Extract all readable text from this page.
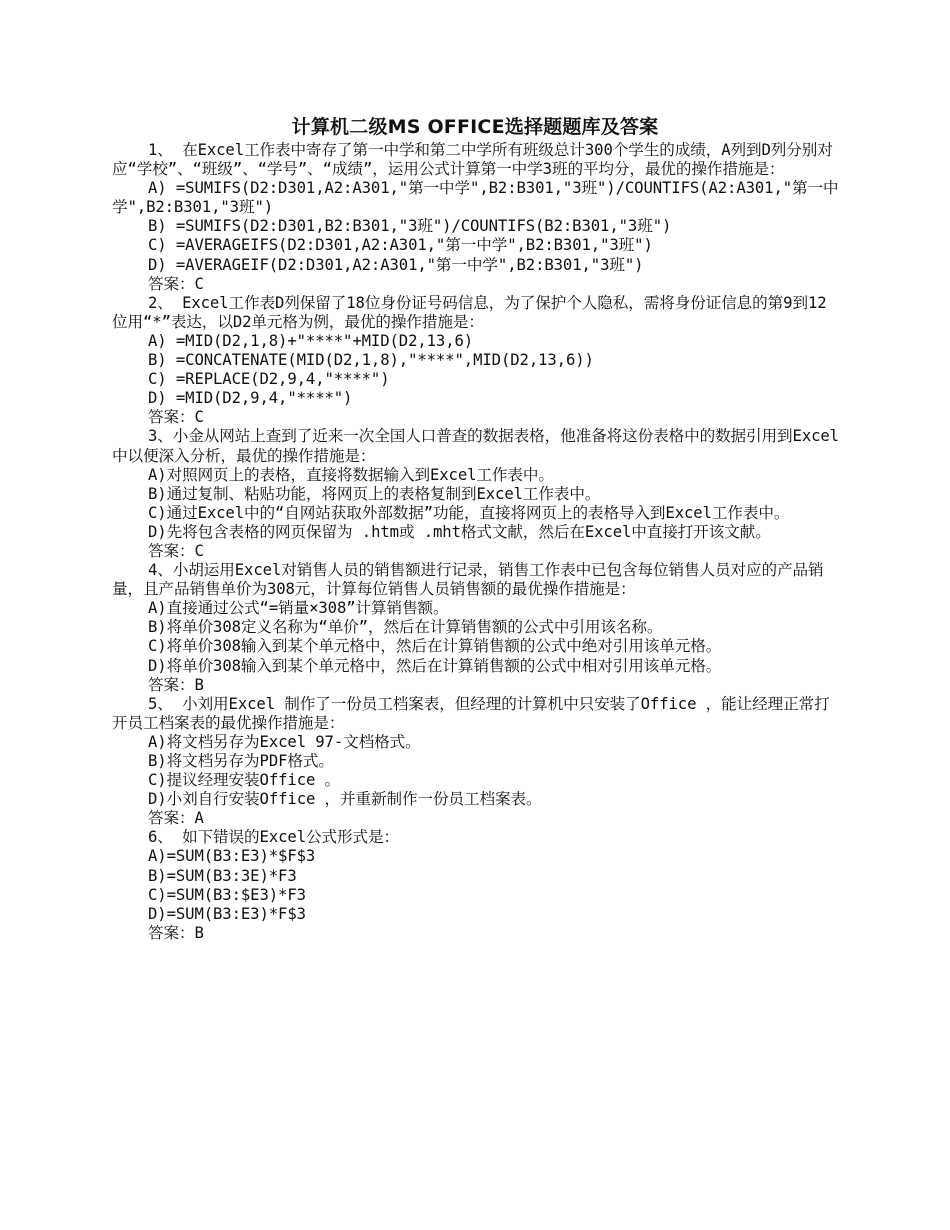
计算机二级MS OFFICE选择题题库及答案

1、 在Excel工作表中寄存了第一中学和第二中学所有班级总计300个学生的成绩，A列到D列分别对应“学校”、“班级”、“学号”、“成绩”，运用公式计算第一中学3班的平均分，最优的操作措施是：

A) =SUMIFS(D2:D301,A2:A301,"第一中学",B2:B301,"3班")/COUNTIFS(A2:A301,"第一中学",B2:B301,"3班")

B) =SUMIFS(D2:D301,B2:B301,"3班")/COUNTIFS(B2:B301,"3班")

C) =AVERAGEIFS(D2:D301,A2:A301,"第一中学",B2:B301,"3班")

D) =AVERAGEIF(D2:D301,A2:A301,"第一中学",B2:B301,"3班")

答案：C

2、 Excel工作表D列保留了18位身份证号码信息，为了保护个人隐私，需将身份证信息的第9到12位用“*”表达，以D2单元格为例，最优的操作措施是：

A) =MID(D2,1,8)+"****"+MID(D2,13,6)

B) =CONCATENATE(MID(D2,1,8),"****",MID(D2,13,6))

C) =REPLACE(D2,9,4,"****")

D) =MID(D2,9,4,"****")

答案：C

3、小金从网站上查到了近来一次全国人口普查的数据表格，他准备将这份表格中的数据引用到Excel中以便深入分析，最优的操作措施是：

A)对照网页上的表格，直接将数据输入到Excel工作表中。

B)通过复制、粘贴功能，将网页上的表格复制到Excel工作表中。

C)通过Excel中的“自网站获取外部数据”功能，直接将网页上的表格导入到Excel工作表中。

D)先将包含表格的网页保留为 .htm或 .mht格式文献，然后在Excel中直接打开该文献。

答案：C

4、小胡运用Excel对销售人员的销售额进行记录，销售工作表中已包含每位销售人员对应的产品销量，且产品销售单价为308元，计算每位销售人员销售额的最优操作措施是：

A)直接通过公式“=销量×308”计算销售额。

B)将单价308定义名称为“单价”，然后在计算销售额的公式中引用该名称。

C)将单价308输入到某个单元格中，然后在计算销售额的公式中绝对引用该单元格。

D)将单价308输入到某个单元格中，然后在计算销售额的公式中相对引用该单元格。

答案：B

5、 小刘用Excel 制作了一份员工档案表，但经理的计算机中只安装了Office ，能让经理正常打开员工档案表的最优操作措施是：

A)将文档另存为Excel 97-文档格式。

B)将文档另存为PDF格式。

C)提议经理安装Office 。

D)小刘自行安装Office ，并重新制作一份员工档案表。

答案：A

6、 如下错误的Excel公式形式是：

A)=SUM(B3:E3)*$F$3

B)=SUM(B3:3E)*F3

C)=SUM(B3:$E3)*F3

D)=SUM(B3:E3)*F$3

答案：B
